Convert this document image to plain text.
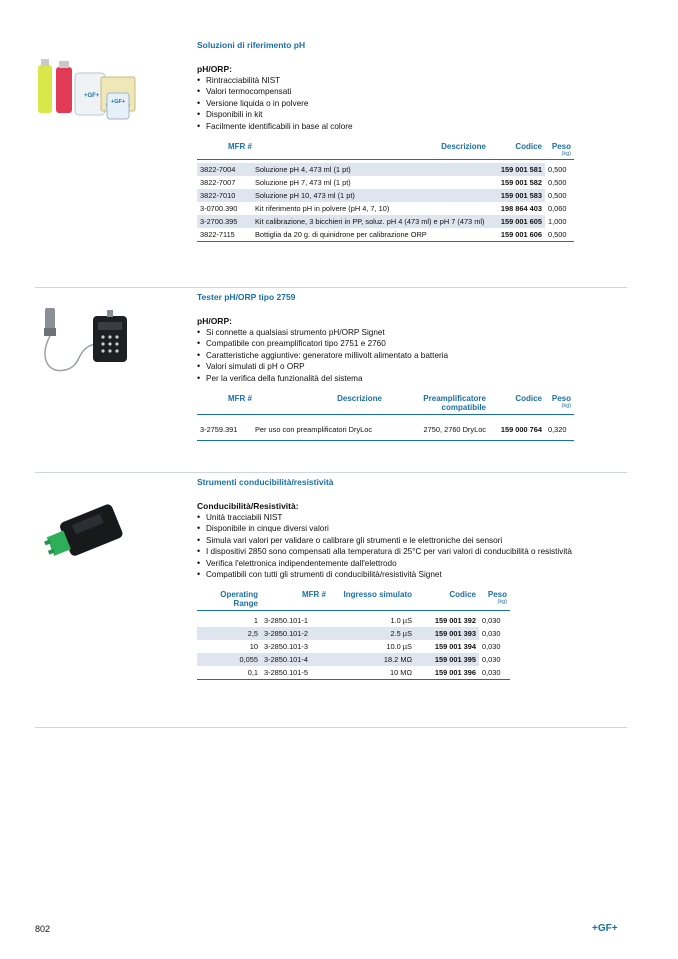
+GF+
+GF+
Soluzioni di riferimento pH
pH/ORP:
• Rintracciabilità NIST
• Valori termocompensati
• Versione liquida o in polvere
• Disponibili in kit
• Facilmente identificabili in base al colore
MFR #	Descrizione	Codice	Peso
(kg)

3822-7004	Soluzione pH 4, 473 ml (1 pt)	159 001 581	0,500
3822-7007	Soluzione pH 7, 473 ml (1 pt)	159 001 582	0,500
3822-7010	Soluzione pH 10, 473 ml (1 pt)	159 001 583	0,500
3-0700.390	Kit riferimento pH in polvere (pH 4, 7, 10)	198 864 403	0,060
3-2700.395	Kit calibrazione, 3 bicchieri in PP, soluz. pH 4 (473 ml) e pH 7 (473 ml)	159 001 605	1,000
3822-7115	Bottiglia da 20 g. di quinidrone per calibrazione ORP	159 001 606	0,500
Tester pH/ORP tipo 2759
pH/ORP:
• Si connette a qualsiasi strumento pH/ORP Signet
• Compatibile con preamplificatori tipo 2751 e 2760
• Caratteristiche aggiuntive: generatore millivolt alimentato a batteria
• Valori simulati di pH o ORP
• Per la verifica della funzionalità del sistema
MFR #	Descrizione	Preamplificatore compatibile	Codice	Peso
(kg)

3-2759.391	Per uso con preamplificatori DryLoc	2750, 2760 DryLoc	159 000 764	0,320
Strumenti conducibilità/resistività
Conducibilità/Resistività:
• Unità tracciabili NIST
• Disponibile in cinque diversi valori
• Simula vari valori per validare o calibrare gli strumenti e le elettroniche dei sensori
• I dispositivi 2850 sono compensati alla temperatura di 25°C per vari valori di conducibilità o resistività
• Verifica l'elettronica indipendentemente dall'elettrodo
• Compatibili con tutti gli strumenti di conducibilità/resistività Signet
Operating Range	MFR #	Ingresso simulato	Codice	Peso
(kg)

1	3-2850.101-1	1.0 µS	159 001 392	0,030
2,5	3-2850.101-2	2.5 µS	159 001 393	0,030
10	3-2850.101-3	10.0 µS	159 001 394	0,030
0,055	3-2850.101-4	18.2 MΩ	159 001 395	0,030
0,1	3-2850.101-5	10 MΩ	159 001 396	0,030
802	+GF+
